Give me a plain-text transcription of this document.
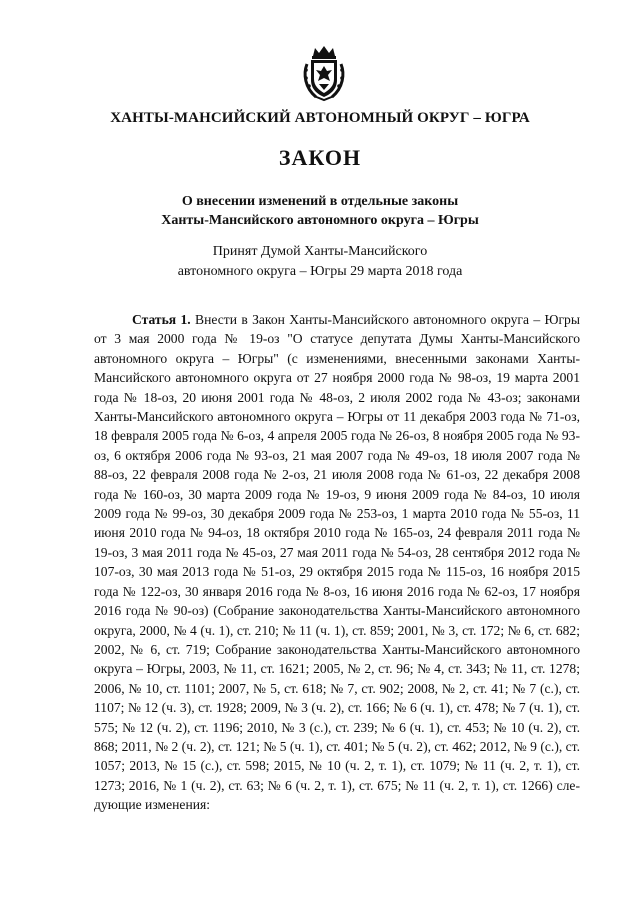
ХАНТЫ-МАНСИЙСКИЙ АВТОНОМНЫЙ ОКРУГ – ЮГРА
ЗАКОН
О внесении изменений в отдельные законы
Ханты-Мансийского автономного округа – Югры
Принят Думой Ханты-Мансийского
автономного округа – Югры 29 марта 2018 года

Статья 1. Внести в Закон Ханты-Мансийского автономного округа – Югры от 3 мая 2000 года № 19-оз "О статусе депутата Думы Ханты-Мансийского автономного округа – Югры" (с изменениями, внесенными законами Ханты-Мансийского автономного округа от 27 ноября 2000 года № 98-оз, 19 марта 2001 года № 18-оз, 20 июня 2001 года № 48-оз, 2 июля 2002 года № 43-оз; законами Ханты-Мансийского автономного округа – Югры от 11 декабря 2003 года № 71-оз, 18 февраля 2005 года № 6-оз, 4 апреля 2005 года № 26-оз, 8 ноября 2005 года № 93-оз, 6 октября 2006 года № 93-оз, 21 мая 2007 года № 49-оз, 18 июля 2007 года № 88-оз, 22 февраля 2008 года № 2-оз, 21 июля 2008 года № 61-оз, 22 декабря 2008 года № 160-оз, 30 марта 2009 года № 19-оз, 9 июня 2009 года № 84-оз, 10 июля 2009 года № 99-оз, 30 декабря 2009 года № 253-оз, 1 марта 2010 года № 55-оз, 11 июня 2010 года № 94-оз, 18 октября 2010 года № 165-оз, 24 февраля 2011 года № 19-оз, 3 мая 2011 года № 45-оз, 27 мая 2011 года № 54-оз, 28 сентября 2012 года № 107-оз, 30 мая 2013 года № 51-оз, 29 октября 2015 года № 115-оз, 16 ноября 2015 года № 122-оз, 30 января 2016 года № 8-оз, 16 июня 2016 года № 62-оз, 17 ноября 2016 года № 90-оз) (Собрание законодательства Ханты-Мансийского автономного округа, 2000, № 4 (ч. 1), ст. 210; № 11 (ч. 1), ст. 859; 2001, № 3, ст. 172; № 6, ст. 682; 2002, № 6, ст. 719; Собрание законодательства Ханты-Мансийского автономного округа – Югры, 2003, № 11, ст. 1621; 2005, № 2, ст. 96; № 4, ст. 343; № 11, ст. 1278; 2006, № 10, ст. 1101; 2007, № 5, ст. 618; № 7, ст. 902; 2008, № 2, ст. 41; № 7 (с.), ст. 1107; № 12 (ч. 3), ст. 1928; 2009, № 3 (ч. 2), ст. 166; № 6 (ч. 1), ст. 478; № 7 (ч. 1), ст. 575; № 12 (ч. 2), ст. 1196; 2010, № 3 (с.), ст. 239; № 6 (ч. 1), ст. 453; № 10 (ч. 2), ст. 868; 2011, № 2 (ч. 2), ст. 121; № 5 (ч. 1), ст. 401; № 5 (ч. 2), ст. 462; 2012, № 9 (с.), ст. 1057; 2013, № 15 (с.), ст. 598; 2015, № 10 (ч. 2, т. 1), ст. 1079; № 11 (ч. 2, т. 1), ст. 1273; 2016, № 1 (ч. 2), ст. 63; № 6 (ч. 2, т. 1), ст. 675; № 11 (ч. 2, т. 1), ст. 1266) следующие изменения:
